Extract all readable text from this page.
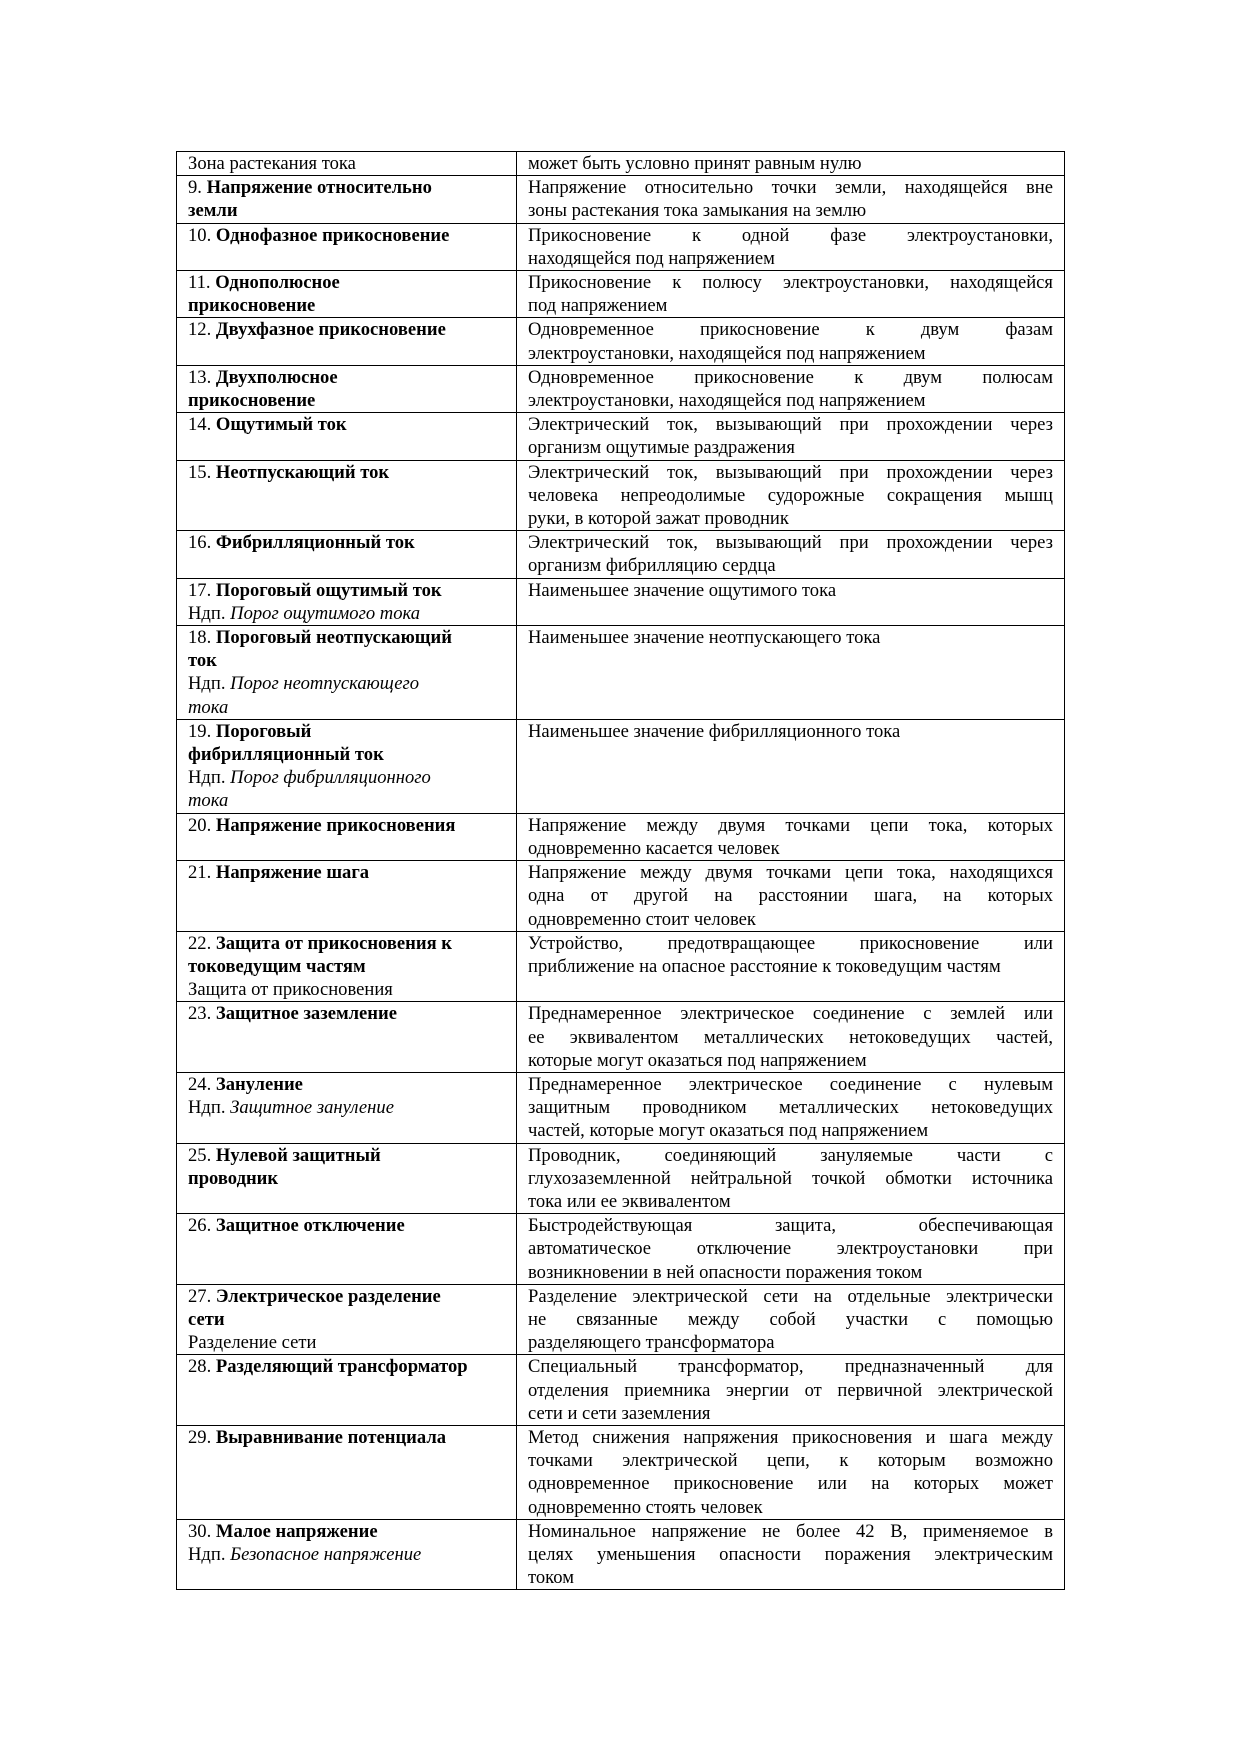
Зона растекания тока	может быть условно принят равным нулю

9. Напряжение относительно
земли	Напряжение относительно точки земли, находящейся вне
зоны растекания тока замыкания на землю

10. Однофазное прикосновение	Прикосновение к одной фазе электроустановки,
находящейся под напряжением

11. Однополюсное
прикосновение	Прикосновение к полюсу электроустановки, находящейся
под напряжением

12. Двухфазное прикосновение	Одновременное прикосновение к двум фазам
электроустановки, находящейся под напряжением

13. Двухполюсное
прикосновение	Одновременное прикосновение к двум полюсам
электроустановки, находящейся под напряжением

14. Ощутимый ток	Электрический ток, вызывающий при прохождении через
организм ощутимые раздражения

15. Неотпускающий ток	Электрический ток, вызывающий при прохождении через
человека непреодолимые судорожные сокращения мышц
руки, в которой зажат проводник

16. Фибрилляционный ток	Электрический ток, вызывающий при прохождении через
организм фибрилляцию сердца

17. Пороговый ощутимый ток
Ндп. Порог ощутимого тока	Наименьшее значение ощутимого тока

18. Пороговый неотпускающий
ток
Ндп. Порог неотпускающего
тока	Наименьшее значение неотпускающего тока

19. Пороговый
фибрилляционный ток
Ндп. Порог фибрилляционного
тока	Наименьшее значение фибрилляционного тока

20. Напряжение прикосновения	Напряжение между двумя точками цепи тока, которых
одновременно касается человек

21. Напряжение шага	Напряжение между двумя точками цепи тока, находящихся
одна от другой на расстоянии шага, на которых
одновременно стоит человек

22. Защита от прикосновения к
токоведущим частям
Защита от прикосновения	Устройство, предотвращающее прикосновение или
приближение на опасное расстояние к токоведущим частям

23. Защитное заземление	Преднамеренное электрическое соединение с землей или
ее эквивалентом металлических нетоковедущих частей,
которые могут оказаться под напряжением

24. Зануление
Ндп. Защитное зануление	Преднамеренное электрическое соединение с нулевым
защитным проводником металлических нетоковедущих
частей, которые могут оказаться под напряжением

25. Нулевой защитный
проводник	Проводник, соединяющий зануляемые части с
глухозаземленной нейтральной точкой обмотки источника
тока или ее эквивалентом

26. Защитное отключение	Быстродействующая защита, обеспечивающая
автоматическое отключение электроустановки при
возникновении в ней опасности поражения током

27. Электрическое разделение
сети
Разделение сети	Разделение электрической сети на отдельные электрически
не связанные между собой участки с помощью
разделяющего трансформатора

28. Разделяющий трансформатор	Специальный трансформатор, предназначенный для
отделения приемника энергии от первичной электрической
сети и сети заземления

29. Выравнивание потенциала	Метод снижения напряжения прикосновения и шага между
точками электрической цепи, к которым возможно
одновременное прикосновение или на которых может
одновременно стоять человек

30. Малое напряжение
Ндп. Безопасное напряжение	Номинальное напряжение не более 42 В, применяемое в
целях уменьшения опасности поражения электрическим
током
